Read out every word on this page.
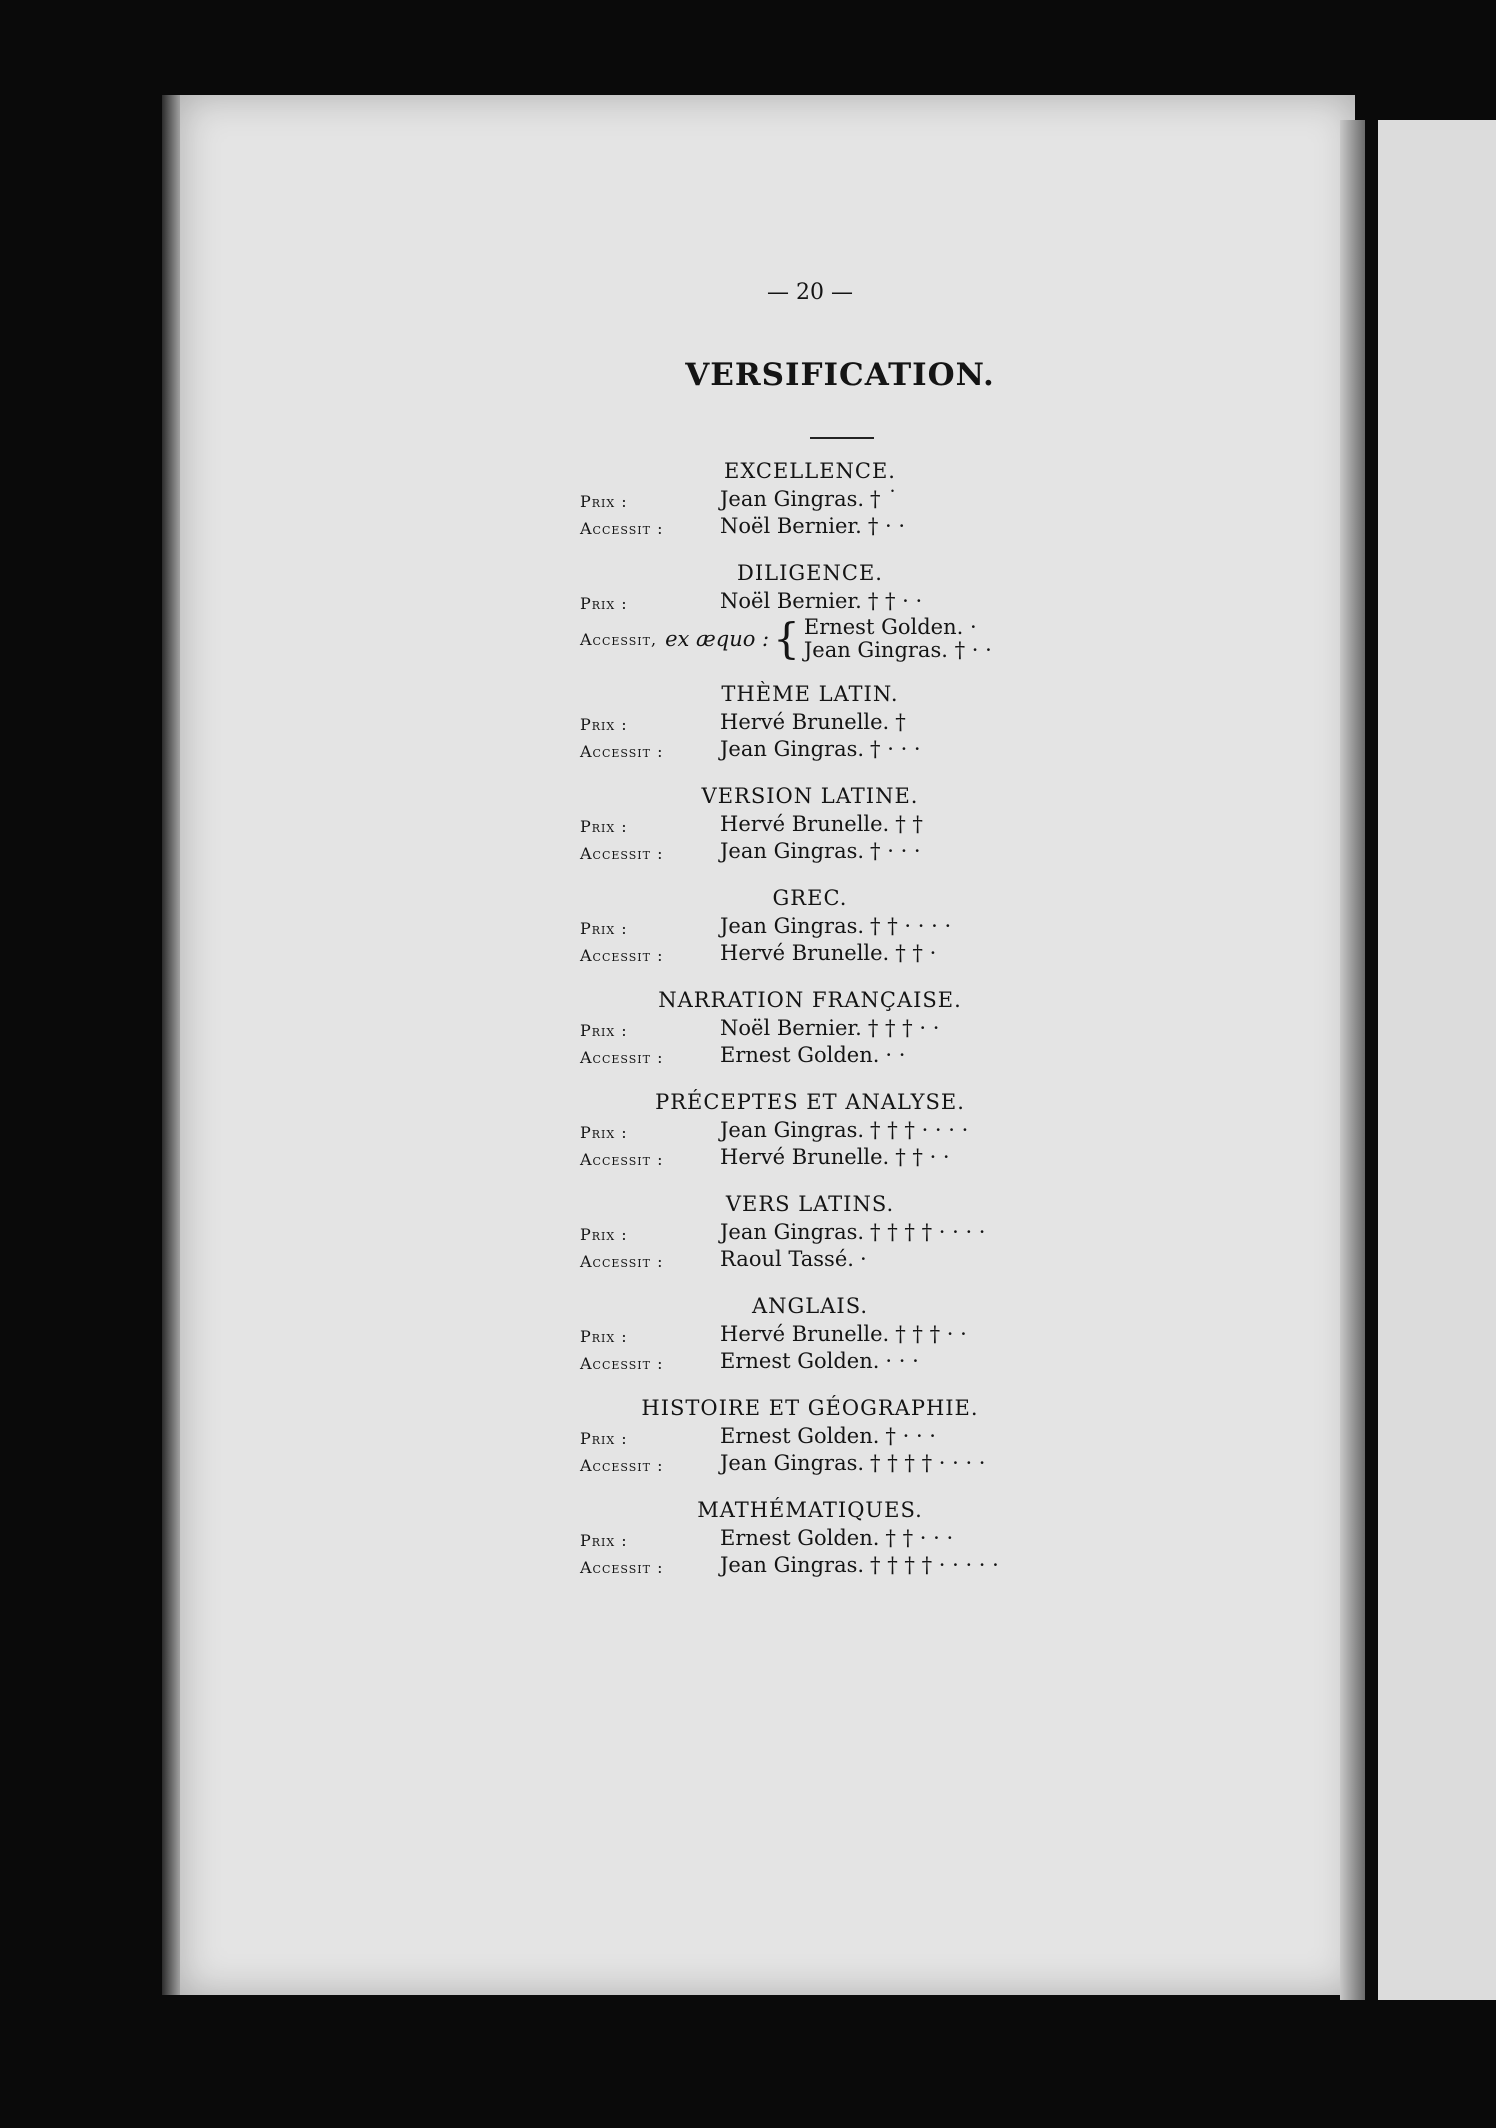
— 20 —
VERSIFICATION.
EXCELLENCE.
Prix :	Jean Gingras. † ˙
Accessit :	Noël Bernier. † · ·
DILIGENCE.
Prix :	Noël Bernier. † † · ·
Accessit, ex æquo : { Ernest Golden. ·
Jean Gingras. † · ·
THÈME LATIN.
Prix :	Hervé Brunelle. †
Accessit :	Jean Gingras. † · · ·
VERSION LATINE.
Prix :	Hervé Brunelle. † †
Accessit :	Jean Gingras. † · · ·
GREC.
Prix :	Jean Gingras. † † · · · ·
Accessit :	Hervé Brunelle. † † ·
NARRATION FRANÇAISE.
Prix :	Noël Bernier. † † † · ·
Accessit :	Ernest Golden. · ·
PRÉCEPTES ET ANALYSE.
Prix :	Jean Gingras. † † † · · · ·
Accessit :	Hervé Brunelle. † † · ·
VERS LATINS.
Prix :	Jean Gingras. † † † † · · · ·
Accessit :	Raoul Tassé. ·
ANGLAIS.
Prix :	Hervé Brunelle. † † † · ·
Accessit :	Ernest Golden. · · ·
HISTOIRE ET GÉOGRAPHIE.
Prix :	Ernest Golden. † · · ·
Accessit :	Jean Gingras. † † † † · · · ·
MATHÉMATIQUES.
Prix :	Ernest Golden. † † · · ·
Accessit :	Jean Gingras. † † † † · · · · ·
